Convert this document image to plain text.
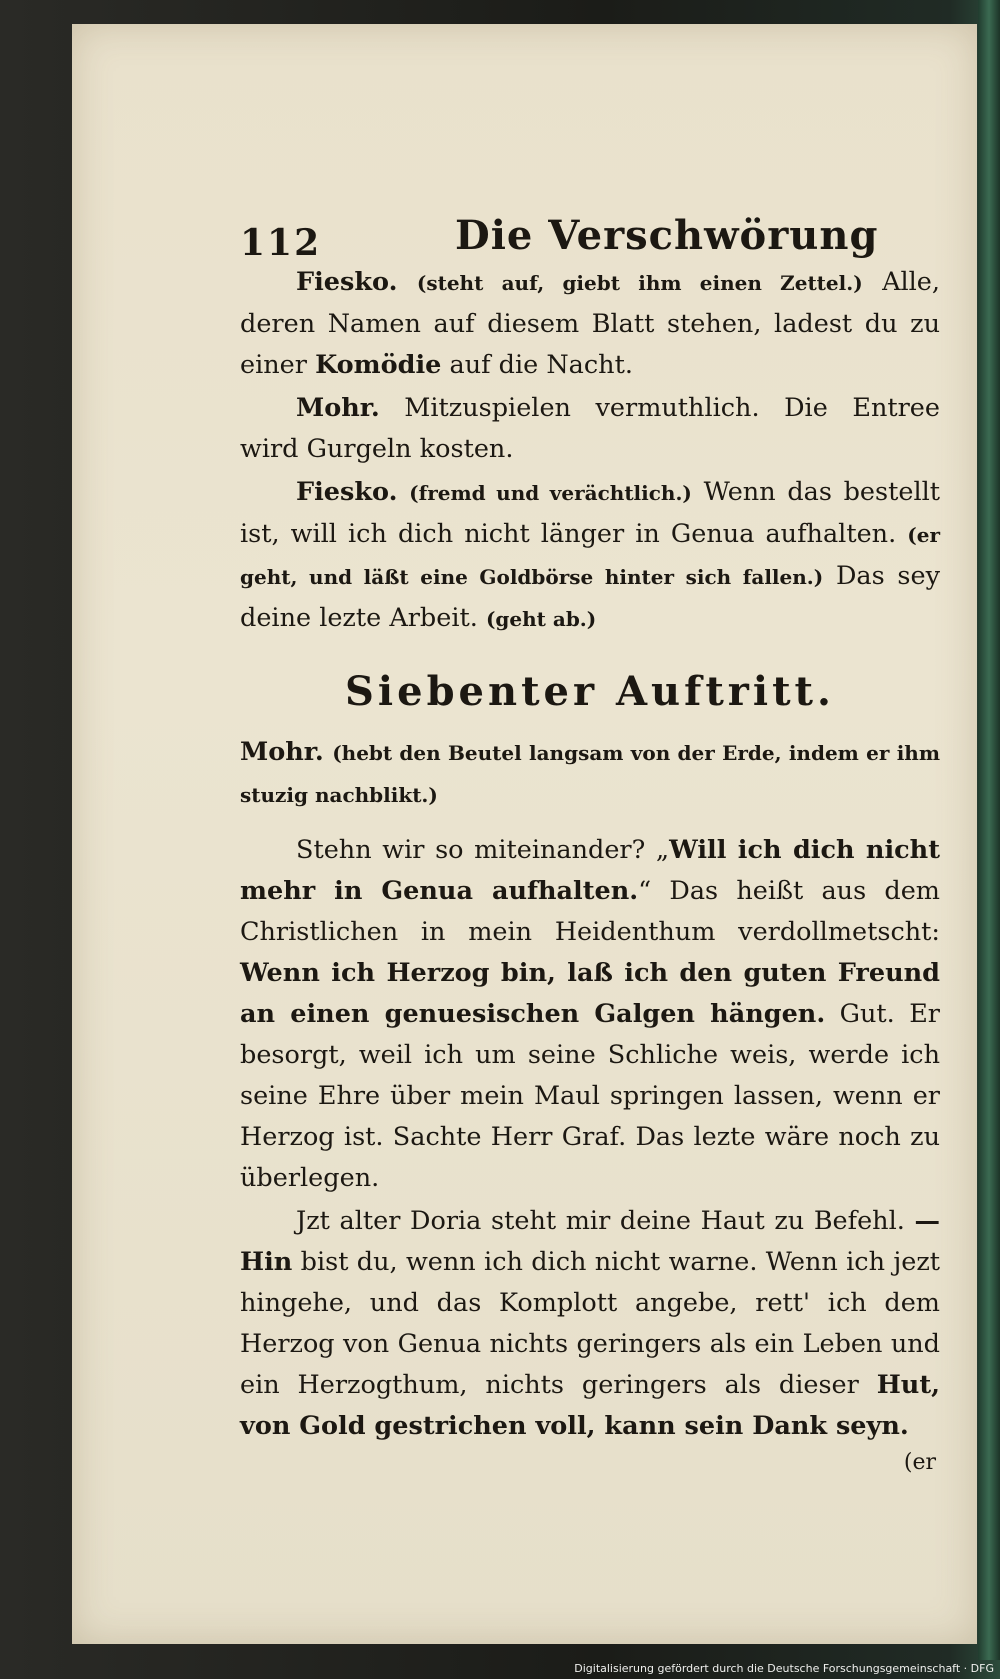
112	Die Verschwörung

Fiesko. (steht auf, giebt ihm einen Zettel.) Alle, deren Namen auf diesem Blatt stehen, ladest du zu einer Komödie auf die Nacht.

Mohr. Mitzuspielen vermuthlich. Die Entree wird Gurgeln kosten.

Fiesko. (fremd und verächtlich.) Wenn das bestellt ist, will ich dich nicht länger in Genua aufhalten. (er geht, und läßt eine Goldbörse hinter sich fallen.) Das sey deine lezte Arbeit. (geht ab.)

Siebenter Auftritt.

Mohr. (hebt den Beutel langsam von der Erde, indem er ihm stuzig nachblikt.)

Stehn wir so miteinander? „Will ich dich nicht mehr in Genua aufhalten.“ Das heißt aus dem Christlichen in mein Heidenthum verdollmetscht: Wenn ich Herzog bin, laß ich den guten Freund an einen genuesischen Galgen hängen. Gut. Er besorgt, weil ich um seine Schliche weis, werde ich seine Ehre über mein Maul springen lassen, wenn er Herzog ist. Sachte Herr Graf. Das lezte wäre noch zu überlegen.

Jzt alter Doria steht mir deine Haut zu Befehl. — Hin bist du, wenn ich dich nicht warne. Wenn ich jezt hingehe, und das Komplott angebe, rett' ich dem Herzog von Genua nichts geringers als ein Leben und ein Herzogthum, nichts geringers als dieser Hut, von Gold gestrichen voll, kann sein Dank seyn.

(er
Digitalisierung gefördert durch die Deutsche Forschungsgemeinschaft · DFG
